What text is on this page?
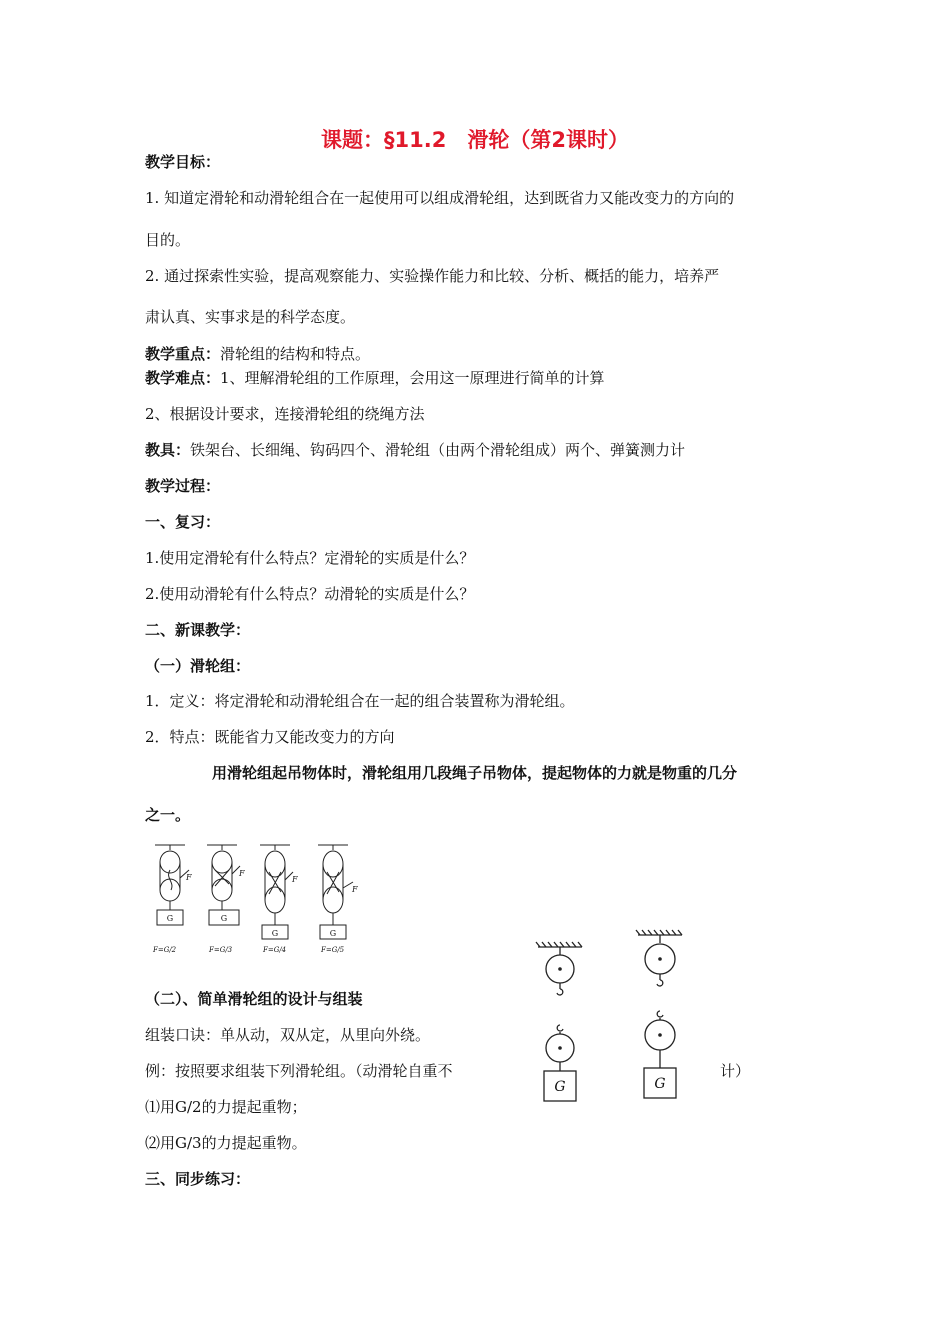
课题：§11.2　滑轮（第2课时）
教学目标：
1. 知道定滑轮和动滑轮组合在一起使用可以组成滑轮组，达到既省力又能改变力的方向的
目的。
2. 通过探索性实验，提高观察能力、实验操作能力和比较、分析、概括的能力，培养严
肃认真、实事求是的科学态度。
教学重点：滑轮组的结构和特点。
教学难点：1、理解滑轮组的工作原理，会用这一原理进行简单的计算
2、根据设计要求，连接滑轮组的绕绳方法
教具：铁架台、长细绳、钩码四个、滑轮组（由两个滑轮组成）两个、弹簧测力计
教学过程：
一、复习：
1.使用定滑轮有什么特点？定滑轮的实质是什么？
2.使用动滑轮有什么特点？动滑轮的实质是什么？
二、新课教学：
（一）滑轮组：
1．定义：将定滑轮和动滑轮组合在一起的组合装置称为滑轮组。
2．特点：既能省力又能改变力的方向
用滑轮组起吊物体时，滑轮组用几段绳子吊物体，提起物体的力就是物重的几分
之一。
F	F
F
F
G	G
G	G
F=G/2	F=G/3	F=G/4	F=G/5
（二）、简单滑轮组的设计与组装
组装口诀：单从动，双从定，从里向外绕。
例：按照要求组装下列滑轮组。（动滑轮自重不	计）
⑴用G/2的力提起重物；
⑵用G/3的力提起重物。
G	G
三、同步练习：
